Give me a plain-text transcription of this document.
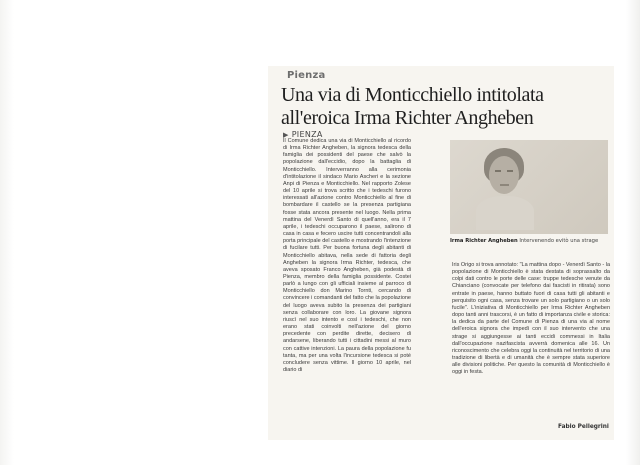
Pienza
Una via di Monticchiello intitolata
all'eroica Irma Richter Angheben
▶ PIENZA

Il Comune dedica una via di Monticchiello al ricordo di Irma Richter Angheben, la signora tedesca della famiglia dei possidenti del paese che salvò la popolazione dall'eccidio, dopo la battaglia di Monticchiello. Interverranno alla cerimonia d'intitolazione il sindaco Mario Ascheri e la sezione Anpi di Pienza e Monticchiello. Nel rapporto Zolese del 10 aprile si trova scritto che i tedeschi furono interessati all'azione contro Monticchiello al fine di bombardare il castello se la presenza partigiana fosse stata ancora presente nel luogo. Nella prima mattina del Venerdì Santo di quell'anno, era il 7 aprile, i tedeschi occuparono il paese, salirono di casa in casa e fecero uscire tutti concentrandoli alla porta principale del castello e mostrando l'intenzione di fucilare tutti. Per buona fortuna degli abitanti di Monticchiello abitava, nella sede di fattoria degli Angheben la signora Irma Richter, tedesca, che aveva sposato Franco Angheben, già podestà di Pienza, membro della famiglia possidente. Costei parlò a lungo con gli ufficiali insieme al parroco di Monticchiello don Marino Tornti, cercando di convincere i comandanti del fatto che la popolazione del luogo aveva subito la presenza dei partigiani senza collaborare con loro. La giovane signora riuscì nel suo intento e così i tedeschi, che non erano stati coinvolti nell'azione del giorno precedente con perdite dirette, decisero di andarsene, liberando tutti i cittadini messi al muro con cattive intenzioni. La paura della popolazione fu tanta, ma per una volta l'incursione tedesca si poté concludere senza vittime. Il giorno 10 aprile, nel diario di

Irma Richter Angheben Intervenendo evitò una strage

Iris Origo si trova annotato: "La mattina dopo - Venerdì Santo - la popolazione di Monticchiello è stata destata di soprassalto da colpi dati contro le porte delle case: truppe tedesche venute da Chianciano (convocate per telefono dai fascisti in ritirata) sono entrate in paese, hanno buttato fuori di casa tutti gli abitanti e perquisito ogni casa, senza trovare un solo partigiano o un solo fucile". L'iniziativa di Monticchiello per Irma Richter Angheben dopo tanti anni trascorsi, è un fatto di importanza civile e storica: la dedica da parte del Comune di Pienza di una via al nome dell'eroica signora che impedì con il suo intervento che una strage si aggiungesse ai tanti eccidi commessi in Italia dall'occupazione nazifascista avverrà domenica alle 16. Un riconoscimento che celebra oggi la continuità nel territorio di una tradizione di libertà e di umanità che è sempre stata superiore alle divisioni politiche. Per questo la comunità di Monticchiello è oggi in festa.

Fabio Pellegrini
